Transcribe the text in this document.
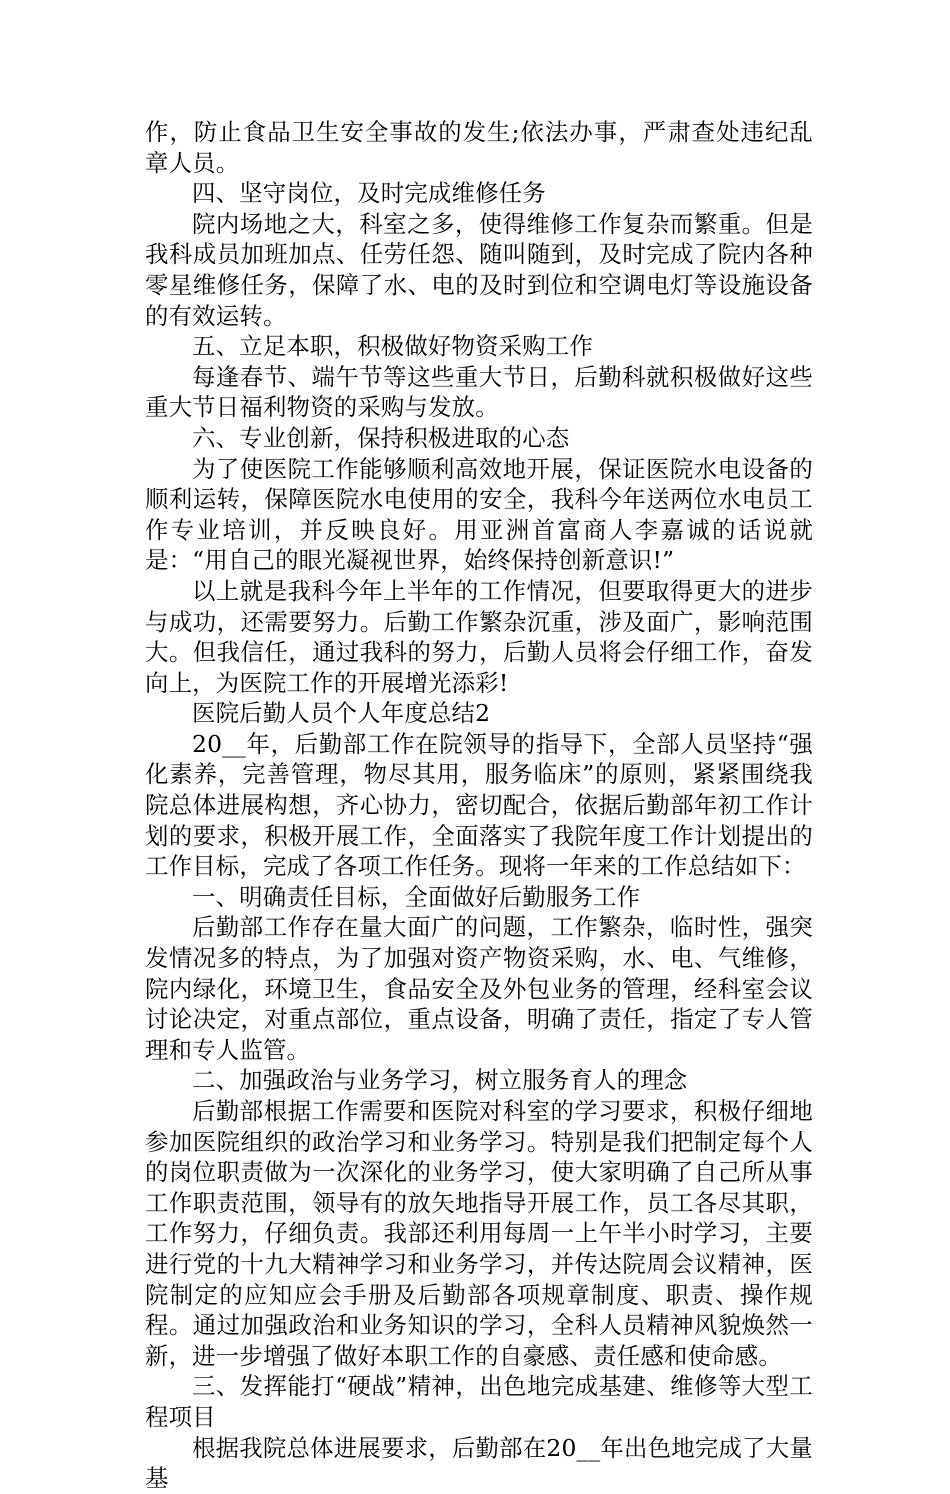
作，防止食品卫生安全事故的发生;依法办事，严肃查处违纪乱章人员。

四、坚守岗位，及时完成维修任务

院内场地之大，科室之多，使得维修工作复杂而繁重。但是我科成员加班加点、任劳任怨、随叫随到，及时完成了院内各种零星维修任务，保障了水、电的及时到位和空调电灯等设施设备的有效运转。

五、立足本职，积极做好物资采购工作

每逢春节、端午节等这些重大节日，后勤科就积极做好这些重大节日福利物资的采购与发放。

六、专业创新，保持积极进取的心态

为了使医院工作能够顺利高效地开展，保证医院水电设备的顺利运转，保障医院水电使用的安全，我科今年送两位水电员工作专业培训，并反映良好。用亚洲首富商人李嘉诚的话说就是：“用自己的眼光凝视世界，始终保持创新意识!”

以上就是我科今年上半年的工作情况，但要取得更大的进步与成功，还需要努力。后勤工作繁杂沉重，涉及面广，影响范围大。但我信任，通过我科的努力，后勤人员将会仔细工作，奋发向上，为医院工作的开展增光添彩!

医院后勤人员个人年度总结2

20__年，后勤部工作在院领导的指导下，全部人员坚持“强化素养，完善管理，物尽其用，服务临床”的原则，紧紧围绕我院总体进展构想，齐心协力，密切配合，依据后勤部年初工作计划的要求，积极开展工作，全面落实了我院年度工作计划提出的工作目标，完成了各项工作任务。现将一年来的工作总结如下：

一、明确责任目标，全面做好后勤服务工作

后勤部工作存在量大面广的问题，工作繁杂，临时性，强突发情况多的特点，为了加强对资产物资采购，水、电、气维修，院内绿化，环境卫生，食品安全及外包业务的管理，经科室会议讨论决定，对重点部位，重点设备，明确了责任，指定了专人管理和专人监管。

二、加强政治与业务学习，树立服务育人的理念

后勤部根据工作需要和医院对科室的学习要求，积极仔细地参加医院组织的政治学习和业务学习。特别是我们把制定每个人的岗位职责做为一次深化的业务学习，使大家明确了自己所从事工作职责范围，领导有的放矢地指导开展工作，员工各尽其职，工作努力，仔细负责。我部还利用每周一上午半小时学习，主要进行党的十九大精神学习和业务学习，并传达院周会议精神，医院制定的应知应会手册及后勤部各项规章制度、职责、操作规程。通过加强政治和业务知识的学习，全科人员精神风貌焕然一新，进一步增强了做好本职工作的自豪感、责任感和使命感。

三、发挥能打“硬战”精神，出色地完成基建、维修等大型工程项目

根据我院总体进展要求，后勤部在20__年出色地完成了大量基
